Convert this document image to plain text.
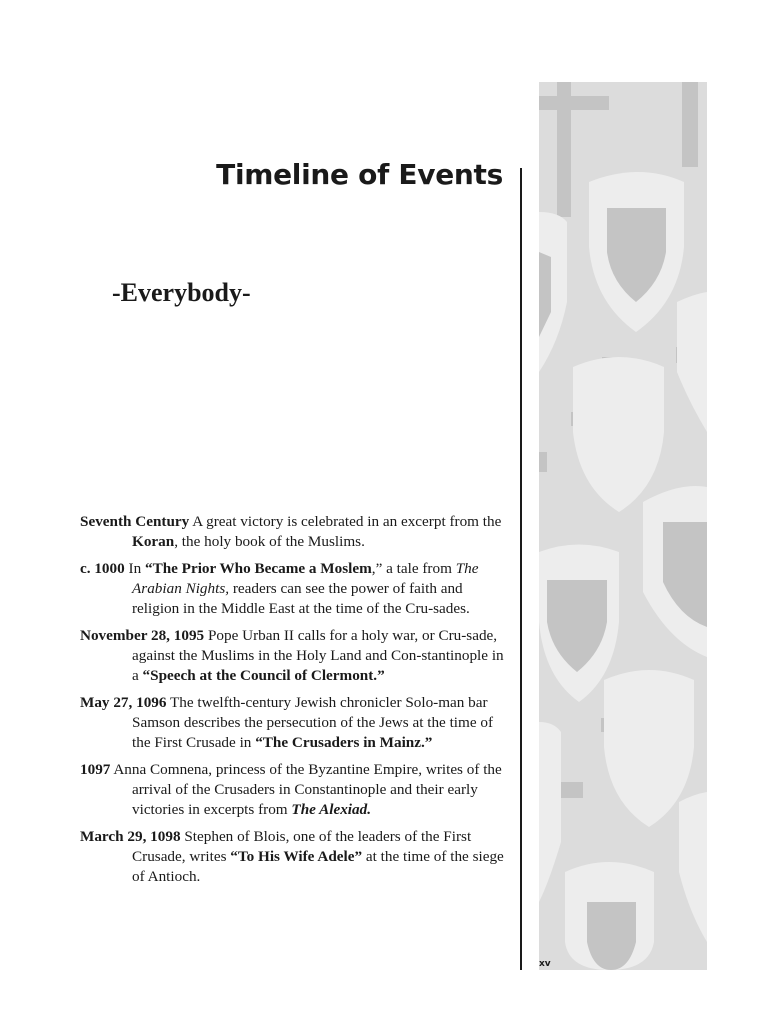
Timeline of Events
-Everybody-

Seventh Century A great victory is celebrated in an excerpt from the Koran, the holy book of the Muslims.

c. 1000 In “The Prior Who Became a Moslem,” a tale from The Arabian Nights, readers can see the power of faith and religion in the Middle East at the time of the Cru-sades.

November 28, 1095 Pope Urban II calls for a holy war, or Cru-sade, against the Muslims in the Holy Land and Con-stantinople in a “Speech at the Council of Clermont.”

May 27, 1096 The twelfth-century Jewish chronicler Solo-man bar Samson describes the persecution of the Jews at the time of the First Crusade in “The Crusaders in Mainz.”

1097 Anna Comnena, princess of the Byzantine Empire, writes of the arrival of the Crusaders in Constantinople and their early victories in excerpts from The Alexiad.

March 29, 1098 Stephen of Blois, one of the leaders of the First Crusade, writes “To His Wife Adele” at the time of the siege of Antioch.

xv
